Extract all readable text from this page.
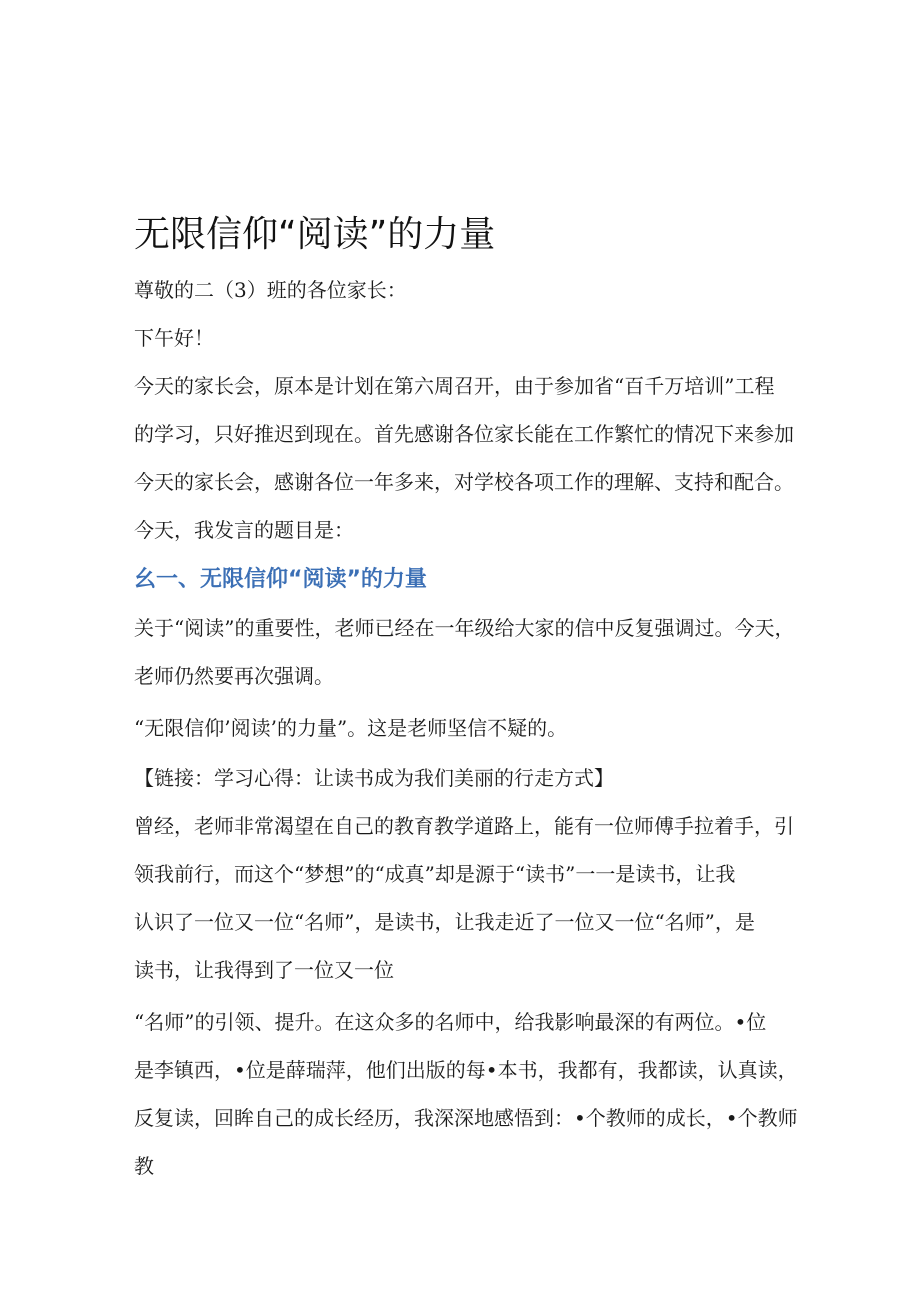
无限信仰“阅读”的力量

尊敬的二（3）班的各位家长：

下午好！

今天的家长会，原本是计划在第六周召开，由于参加省“百千万培训”工程

的学习，只好推迟到现在。首先感谢各位家长能在工作繁忙的情况下来参加

今天的家长会，感谢各位一年多来，对学校各项工作的理解、支持和配合。

今天，我发言的题目是：

幺一、无限信仰“阅读”的力量

关于“阅读”的重要性，老师已经在一年级给大家的信中反复强调过。今天，

老师仍然要再次强调。

“无限信仰’阅读’的力量”。这是老师坚信不疑的。

【链接：学习心得：让读书成为我们美丽的行走方式】

曾经，老师非常渴望在自己的教育教学道路上，能有一位师傅手拉着手，引

领我前行，而这个“梦想”的“成真”却是源于“读书”一一是读书，让我

认识了一位又一位“名师”，是读书，让我走近了一位又一位“名师”，是

读书，让我得到了一位又一位

“名师”的引领、提升。在这众多的名师中，给我影响最深的有两位。•位

是李镇西，•位是薛瑞萍，他们出版的每•本书，我都有，我都读，认真读，

反复读，回眸自己的成长经历，我深深地感悟到：•个教师的成长，•个教师

教
